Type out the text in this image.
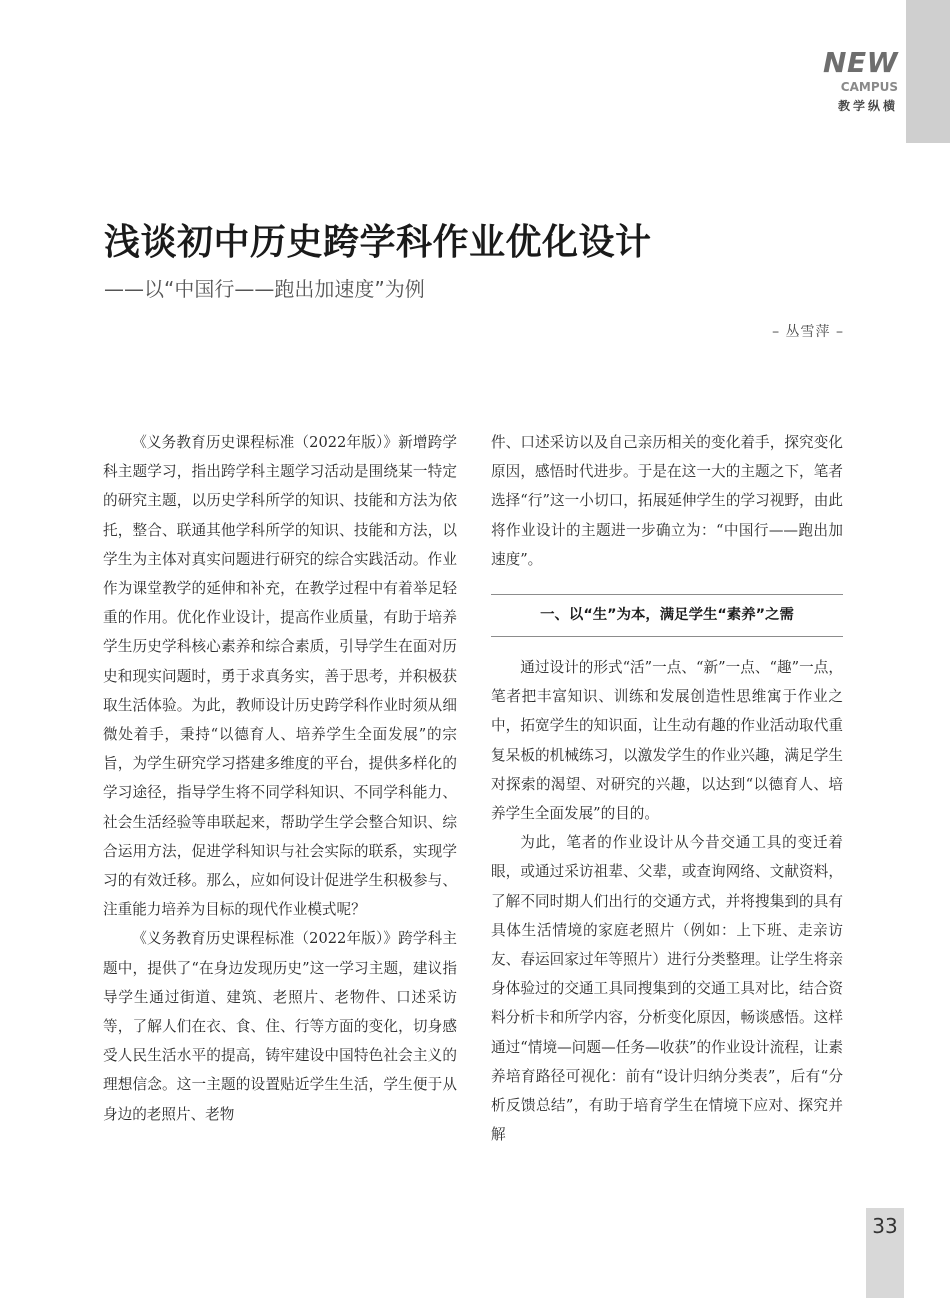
NEW
CAMPUS
教学纵横
浅谈初中历史跨学科作业优化设计
——以“中国行——跑出加速度”为例
– 丛雪萍 –

《义务教育历史课程标准（2022年版）》新增跨学科主题学习，指出跨学科主题学习活动是围绕某一特定的研究主题，以历史学科所学的知识、技能和方法为依托，整合、联通其他学科所学的知识、技能和方法，以学生为主体对真实问题进行研究的综合实践活动。作业作为课堂教学的延伸和补充，在教学过程中有着举足轻重的作用。优化作业设计，提高作业质量，有助于培养学生历史学科核心素养和综合素质，引导学生在面对历史和现实问题时，勇于求真务实，善于思考，并积极获取生活体验。为此，教师设计历史跨学科作业时须从细微处着手，秉持“以德育人、培养学生全面发展”的宗旨，为学生研究学习搭建多维度的平台，提供多样化的学习途径，指导学生将不同学科知识、不同学科能力、社会生活经验等串联起来，帮助学生学会整合知识、综合运用方法，促进学科知识与社会实际的联系，实现学习的有效迁移。那么，应如何设计促进学生积极参与、注重能力培养为目标的现代作业模式呢？

《义务教育历史课程标准（2022年版）》跨学科主题中，提供了“在身边发现历史”这一学习主题，建议指导学生通过街道、建筑、老照片、老物件、口述采访等，了解人们在衣、食、住、行等方面的变化，切身感受人民生活水平的提高，铸牢建设中国特色社会主义的理想信念。这一主题的设置贴近学生生活，学生便于从身边的老照片、老物

件、口述采访以及自己亲历相关的变化着手，探究变化原因，感悟时代进步。于是在这一大的主题之下，笔者选择“行”这一小切口，拓展延伸学生的学习视野，由此将作业设计的主题进一步确立为：“中国行——跑出加速度”。

一、以“生”为本，满足学生“素养”之需

通过设计的形式“活”一点、“新”一点、“趣”一点，笔者把丰富知识、训练和发展创造性思维寓于作业之中，拓宽学生的知识面，让生动有趣的作业活动取代重复呆板的机械练习，以激发学生的作业兴趣，满足学生对探索的渴望、对研究的兴趣，以达到“以德育人、培养学生全面发展”的目的。

为此，笔者的作业设计从今昔交通工具的变迁着眼，或通过采访祖辈、父辈，或查询网络、文献资料，了解不同时期人们出行的交通方式，并将搜集到的具有具体生活情境的家庭老照片（例如：上下班、走亲访友、春运回家过年等照片）进行分类整理。让学生将亲身体验过的交通工具同搜集到的交通工具对比，结合资料分析卡和所学内容，分析变化原因，畅谈感悟。这样通过“情境—问题—任务—收获”的作业设计流程，让素养培育路径可视化：前有“设计归纳分类表”，后有“分析反馈总结”，有助于培育学生在情境下应对、探究并解

33
